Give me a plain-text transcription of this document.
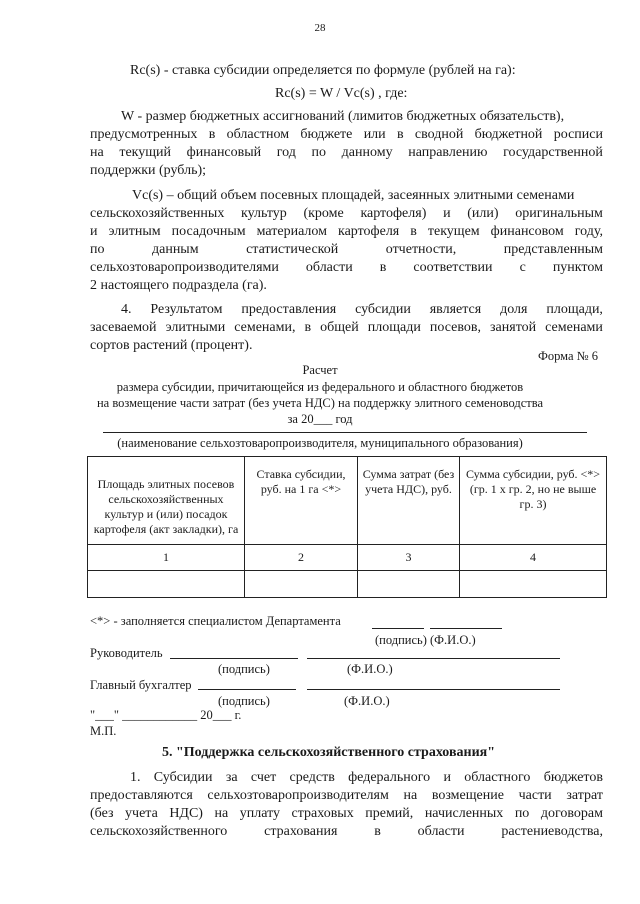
28
Rc(s) - ставка субсидии определяется по формуле (рублей на га):
Rc(s) = W / Vc(s) , где:
W - размер бюджетных ассигнований (лимитов бюджетных обязательств),
предусмотренных в областном бюджете или в сводной бюджетной росписи
на текущий финансовый год по данному направлению государственной
поддержки (рубль);
Vc(s) – общий объем посевных площадей, засеянных элитными семенами
сельскохозяйственных культур (кроме картофеля) и (или) оригинальным
и элитным посадочным материалом картофеля в текущем финансовом году,
по	данным	статистической	отчетности,	представленным
сельхозтоваропроизводителями области в соответствии с пунктом
2 настоящего подраздела (га).
4. Результатом предоставления субсидии является доля площади,
засеваемой элитными семенами, в общей площади посевов, занятой семенами
сортов растений (процент).
Форма № 6
Расчет
размера субсидии, причитающейся из федерального и областного бюджетов
на возмещение части затрат (без учета НДС) на поддержку элитного семеноводства
за 20___ год
(наименование сельхозтоваропроизводителя, муниципального образования)
Площадь элитных посевов сельскохозяйственных культур и (или) посадок картофеля (акт закладки), га	Ставка субсидии, руб. на 1 га <*>	Сумма затрат (без учета НДС), руб.	Сумма субсидии, руб. <*> (гр. 1 х гр. 2, но не выше гр. 3)
1	2	3	4

<*> - заполняется специалистом Департамента
(подпись) (Ф.И.О.)
Руководитель
(подпись)	(Ф.И.О.)
Главный бухгалтер
(подпись)	(Ф.И.О.)
"___" ____________ 20___ г.
М.П.
5. "Поддержка сельскохозяйственного страхования"
1. Субсидии за счет средств федерального и областного бюджетов
предоставляются сельхозтоваропроизводителям на возмещение части затрат
(без учета НДС) на уплату страховых премий, начисленных по договорам
сельскохозяйственного	страхования	в	области	растениеводства,
